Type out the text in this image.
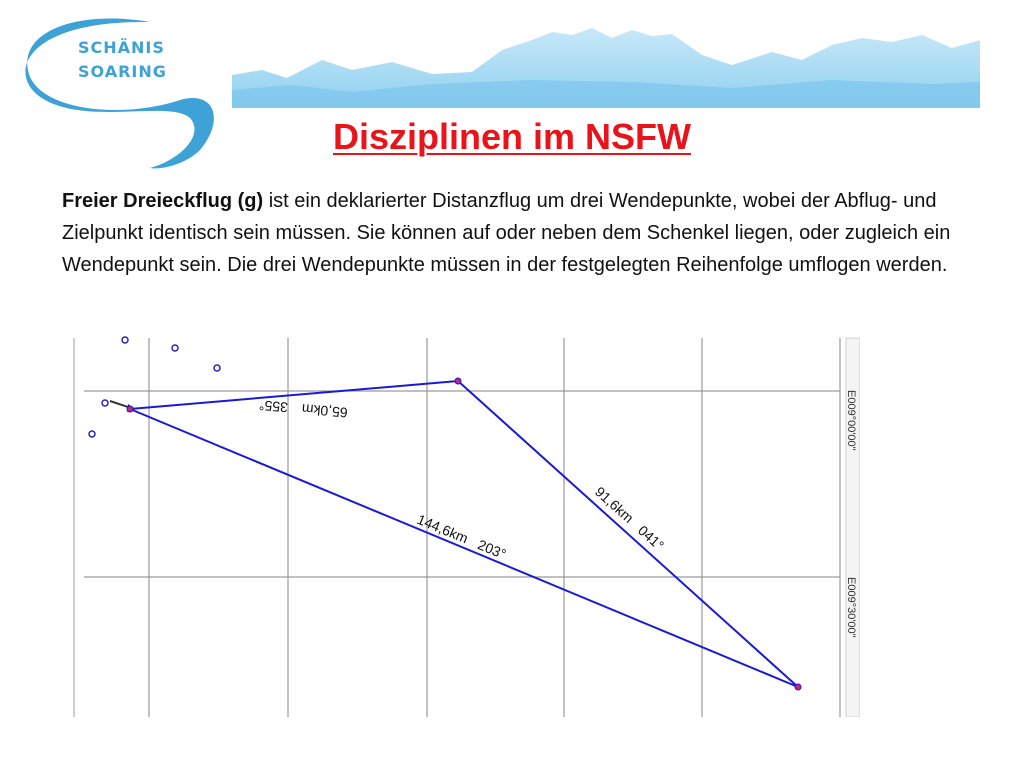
SCHÄNIS
SOARING
Disziplinen im NSFW
Freier Dreieckflug (g) ist ein deklarierter Distanzflug um drei Wendepunkte, wobei der Abflug- und Zielpunkt identisch sein müssen. Sie können auf oder neben dem Schenkel liegen, oder zugleich ein Wendepunkt sein. Die drei Wendepunkte müssen in der festgelegten Reihenfolge umflogen werden.
E009°00'00"
E009°30'00"
65,0km355°
91,6km041°
144,6km203°
